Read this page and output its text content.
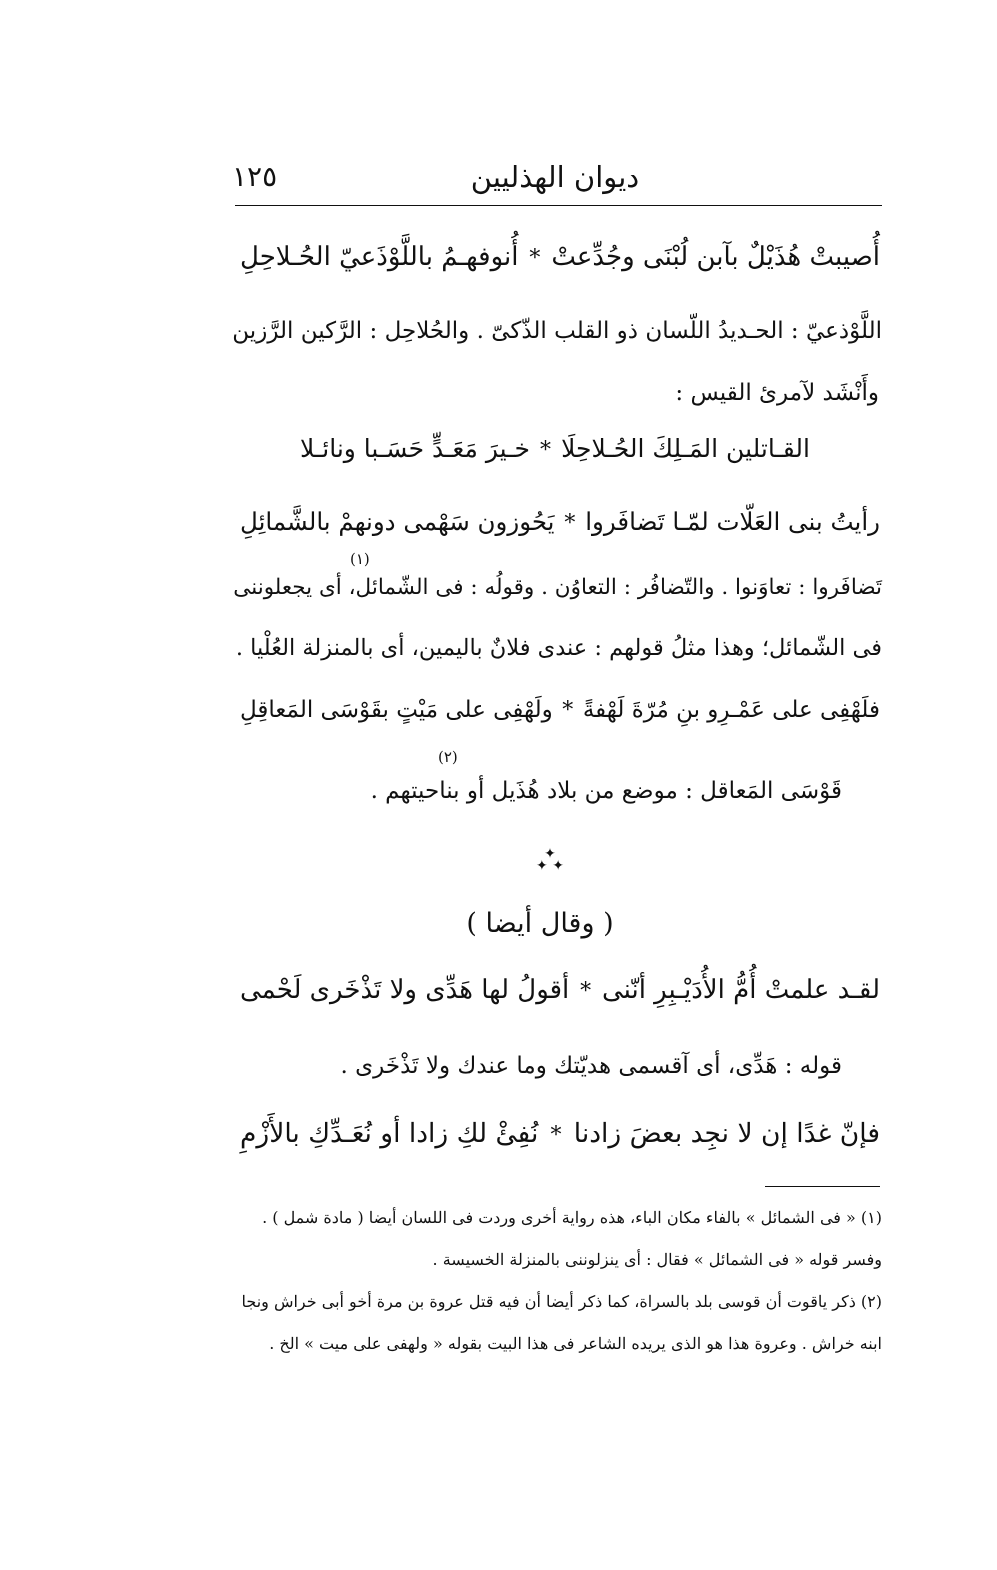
ديوان الهذليين
١٢٥
أُصيبتْ هُذَيْلٌ بآبن لُبْنَى وجُدِّعتْ
*
أُنوفهـمُ باللَّوْذَعيّ الحُـلاحِلِ
اللَّوْذعيّ : الحـديدُ اللّسان ذو القلب الذّكىّ . والحُلاحِل : الرَّكين الرَّزين
وأَنْشَد لآمرئ القيس :
القـاتلين المَـلِكَ الحُـلاحِلَا
*
خـيرَ مَعَـدٍّ حَسَـبا ونائـلا
رأيتُ بنى العَلّات لمّـا تَضافَروا
*
يَحُوزون سَهْمى دونهمْ بالشَّمائِلِ
(١)
تَضافَروا : تعاوَنوا . والتّضافُر : التعاوُن . وقولُه : فى الشّمائل، أى يجعلوننى
فى الشّمائل؛ وهذا مثلُ قولهم : عندى فلانٌ باليمين، أى بالمنزلة العُلْيا .
فلَهْفِى على عَمْـرِو بنِ مُرّةَ لَهْفةً
*
ولَهْفِى على مَيْتٍ بقَوْسَى المَعاقِلِ
(٢)
قَوْسَى المَعاقل : موضع من بلاد هُذَيل أو بناحيتهم .
✦
✦ ✦
( وقال أيضا )
لقـد علمتْ أُمُّ الأُدَيْـبِرِ أنّنى
*
أقولُ لها هَدِّى ولا تَذْخَرى لَحْمى
قوله : هَدِّى، أى آقسمى هديّتك وما عندك ولا تَذْخَرى .
فإنّ غدًا إن لا نجِد بعضَ زادنا
*
نُفِئْ لكِ زادا أو نُعَـدِّكِ بالأَزْمِ
(١) « فى الشمائل » بالفاء مكان الباء، هذه رواية أخرى وردت فى اللسان أيضا ( مادة شمل ) .
وفسر قوله « فى الشمائل » فقال : أى ينزلوننى بالمنزلة الخسيسة .
(٢) ذكر ياقوت أن قوسى بلد بالسراة، كما ذكر أيضا أن فيه قتل عروة بن مرة أخو أبى خراش ونجا
ابنه خراش . وعروة هذا هو الذى يريده الشاعر فى هذا البيت بقوله « ولهفى على ميت » الخ .
